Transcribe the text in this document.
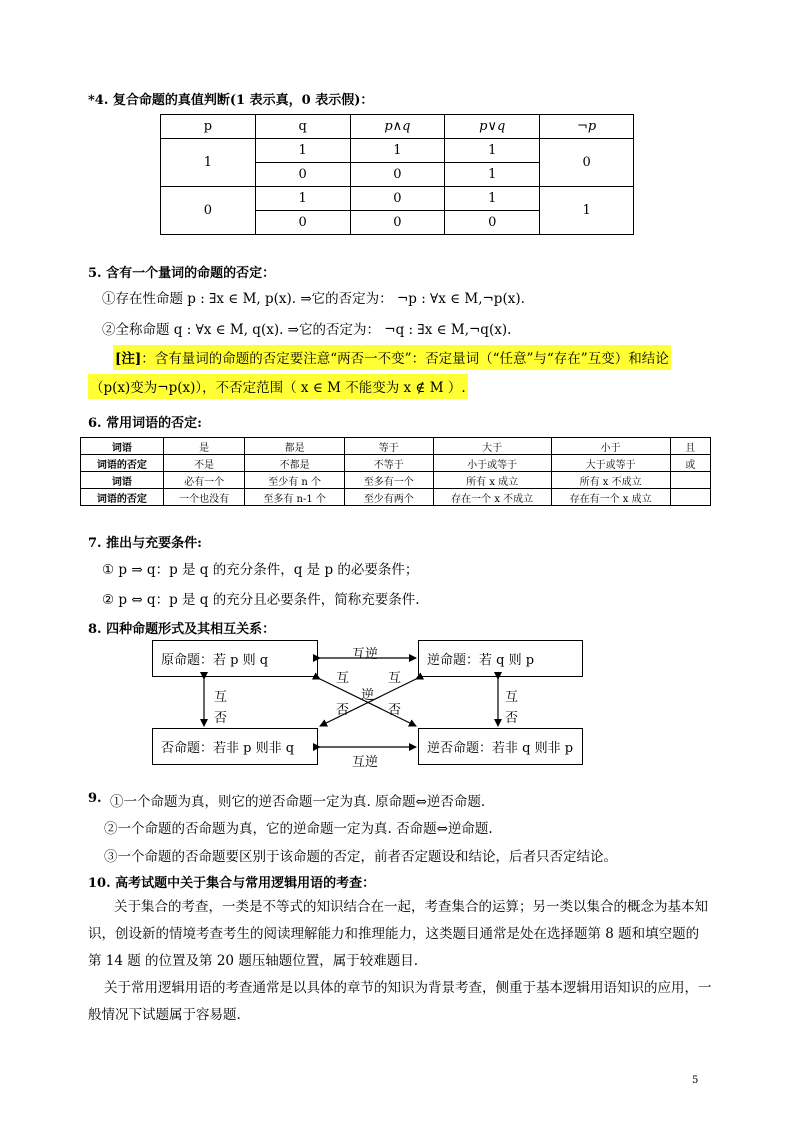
*4. 复合命题的真值判断(1 表示真，0 表示假)：
p	q	p∧q	p∨q	¬p
1	1	1	1	0
	0	0	1	
0	1	0	1	1
	0	0	0	
5. 含有一个量词的命题的否定：
①存在性命题 p : ∃x ∈ M, p(x). ⇒它的否定为： ¬p : ∀x ∈ M,¬p(x).
②全称命题 q : ∀x ∈ M, q(x). ⇒它的否定为： ¬q : ∃x ∈ M,¬q(x).
[注]：含有量词的命题的否定要注意“两否一不变”：否定量词（“任意”与“存在”互变）和结论
（p(x)变为¬p(x)），不否定范围（ x ∈ M 不能变为 x ∉ M ）.
6. 常用词语的否定:
词语	是	都是	等于	大于	小于	且
词语的否定	不是	不都是	不等于	小于或等于	大于或等于	或
词语	必有一个	至少有 n 个	至多有一个	所有 x 成立	所有 x 不成立	
词语的否定	一个也没有	至多有 n-1 个	至少有两个	存在一个 x 不成立	存在有一个 x 成立	
7. 推出与充要条件:
① p ⇒ q：p 是 q 的充分条件，q 是 p 的必要条件；
② p ⇔ q：p 是 q 的充分且必要条件，简称充要条件.
8. 四种命题形式及其相互关系：
原命题：若 p 则 q	逆命题：若 q 则 p
否命题：若非 p 则非 q	逆否命题：若非 q 则非 p
互逆
互逆
互
否
互
否
互	互
逆
否	否
9. ①一个命题为真，则它的逆否命题一定为真. 原命题⇔逆否命题.
②一个命题的否命题为真，它的逆命题一定为真. 否命题⇔逆命题.
③一个命题的否命题要区别于该命题的否定，前者否定题设和结论，后者只否定结论。
10. 高考试题中关于集合与常用逻辑用语的考查：
关于集合的考查，一类是不等式的知识结合在一起，考查集合的运算；另一类以集合的概念为基本知识，创设新的情境考查考生的阅读理解能力和推理能力，这类题目通常是处在选择题第 8 题和填空题的第 14 题 的位置及第 20 题压轴题位置，属于较难题目.
关于常用逻辑用语的考查通常是以具体的章节的知识为背景考查，侧重于基本逻辑用语知识的应用，一般情况下试题属于容易题.
5
